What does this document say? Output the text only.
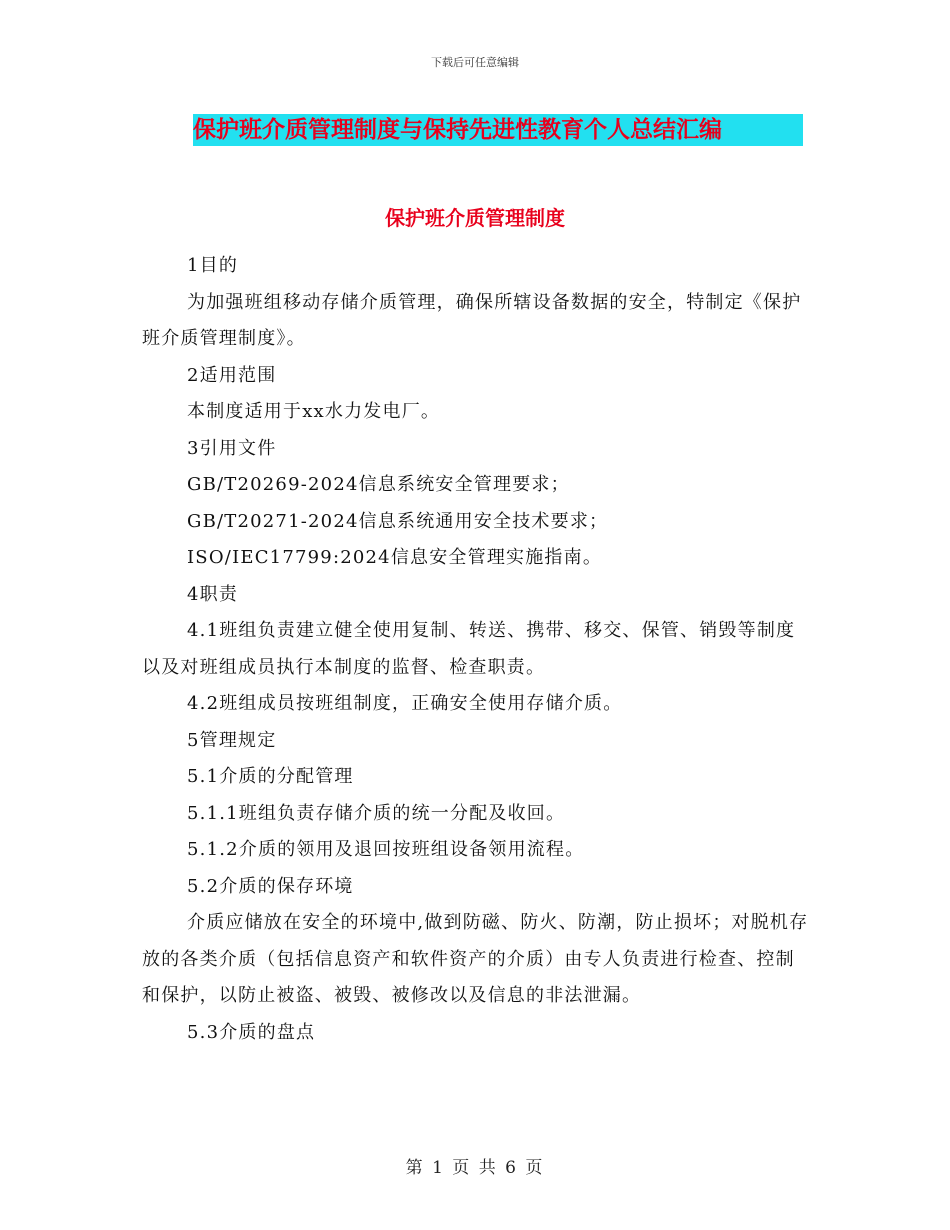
下载后可任意编辑
保护班介质管理制度与保持先进性教育个人总结汇编
保护班介质管理制度

1目的

为加强班组移动存储介质管理，确保所辖设备数据的安全，特制定《保护班介质管理制度》。

2适用范围

本制度适用于xx水力发电厂。

3引用文件

GB/T20269-2024信息系统安全管理要求；

GB/T20271-2024信息系统通用安全技术要求；

ISO/IEC17799:2024信息安全管理实施指南。

4职责

4.1班组负责建立健全使用复制、转送、携带、移交、保管、销毁等制度以及对班组成员执行本制度的监督、检查职责。

4.2班组成员按班组制度，正确安全使用存储介质。

5管理规定

5.1介质的分配管理

5.1.1班组负责存储介质的统一分配及收回。

5.1.2介质的领用及退回按班组设备领用流程。

5.2介质的保存环境

介质应储放在安全的环境中,做到防磁、防火、防潮，防止损坏；对脱机存放的各类介质（包括信息资产和软件资产的介质）由专人负责进行检查、控制和保护，以防止被盗、被毁、被修改以及信息的非法泄漏。

5.3介质的盘点

第 1 页 共 6 页
